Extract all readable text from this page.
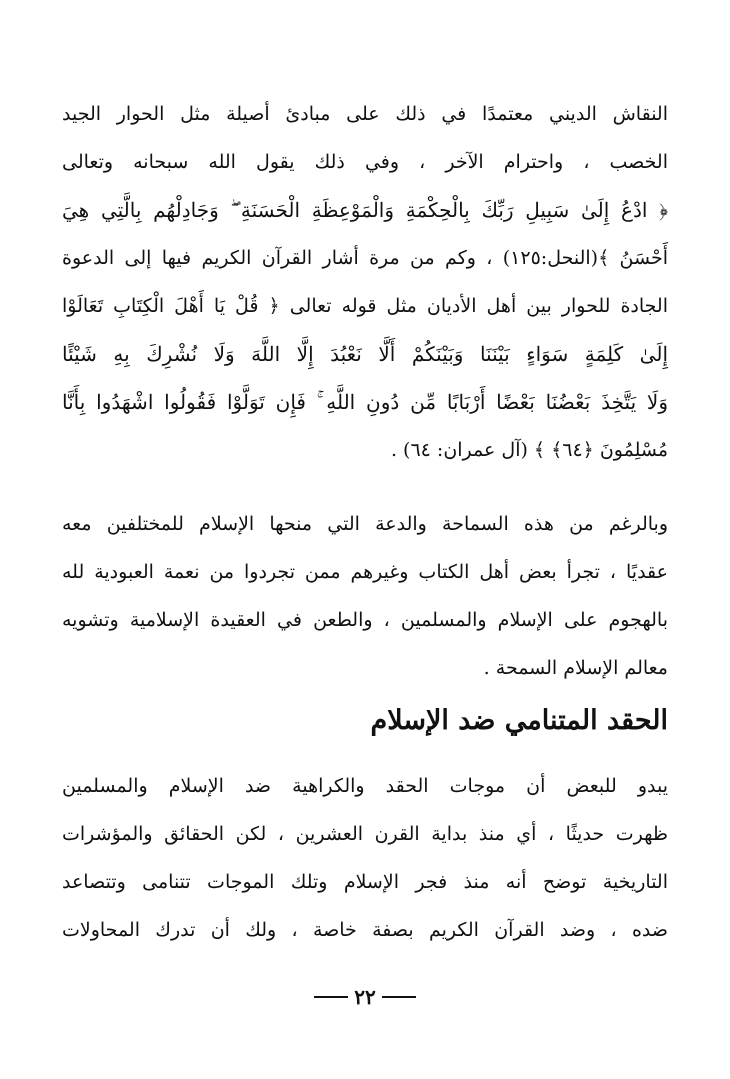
النقاش الديني معتمدًا في ذلك على مبادئ أصيلة مثل الحوار الجيد
الخصب ، واحترام الآخر ، وفي ذلك يقول الله سبحانه وتعالى
﴿ ادْعُ إِلَىٰ سَبِيلِ رَبِّكَ بِالْحِكْمَةِ وَالْمَوْعِظَةِ الْحَسَنَةِ ۖ وَجَادِلْهُم بِالَّتِي هِيَ
أَحْسَنُ ﴾(النحل:١٢٥) ، وكم من مرة أشار القرآن الكريم فيها إلى الدعوة
الجادة للحوار بين أهل الأديان مثل قوله تعالى ﴿ قُلْ يَا أَهْلَ الْكِتَابِ تَعَالَوْا
إِلَىٰ كَلِمَةٍ سَوَاءٍ بَيْنَنَا وَبَيْنَكُمْ أَلَّا نَعْبُدَ إِلَّا اللَّهَ وَلَا نُشْرِكَ بِهِ شَيْئًا
وَلَا يَتَّخِذَ بَعْضُنَا بَعْضًا أَرْبَابًا مِّن دُونِ اللَّهِ ۚ فَإِن تَوَلَّوْا فَقُولُوا اشْهَدُوا بِأَنَّا
مُسْلِمُونَ ﴿٦٤﴾ ﴾ (آل عمران: ٦٤) .
وبالرغم من هذه السماحة والدعة التي منحها الإسلام للمختلفين معه
عقديًا ، تجرأ بعض أهل الكتاب وغيرهم ممن تجردوا من نعمة العبودية لله
بالهجوم على الإسلام والمسلمين ، والطعن في العقيدة الإسلامية وتشويه
معالم الإسلام السمحة .
الحقد المتنامي ضد الإسلام
يبدو للبعض أن موجات الحقد والكراهية ضد الإسلام والمسلمين
ظهرت حديثًا ، أي منذ بداية القرن العشرين ، لكن الحقائق والمؤشرات
التاريخية توضح أنه منذ فجر الإسلام وتلك الموجات تتنامى وتتصاعد
ضده ، وضد القرآن الكريم بصفة خاصة ، ولك أن تدرك المحاولات
٢٢
